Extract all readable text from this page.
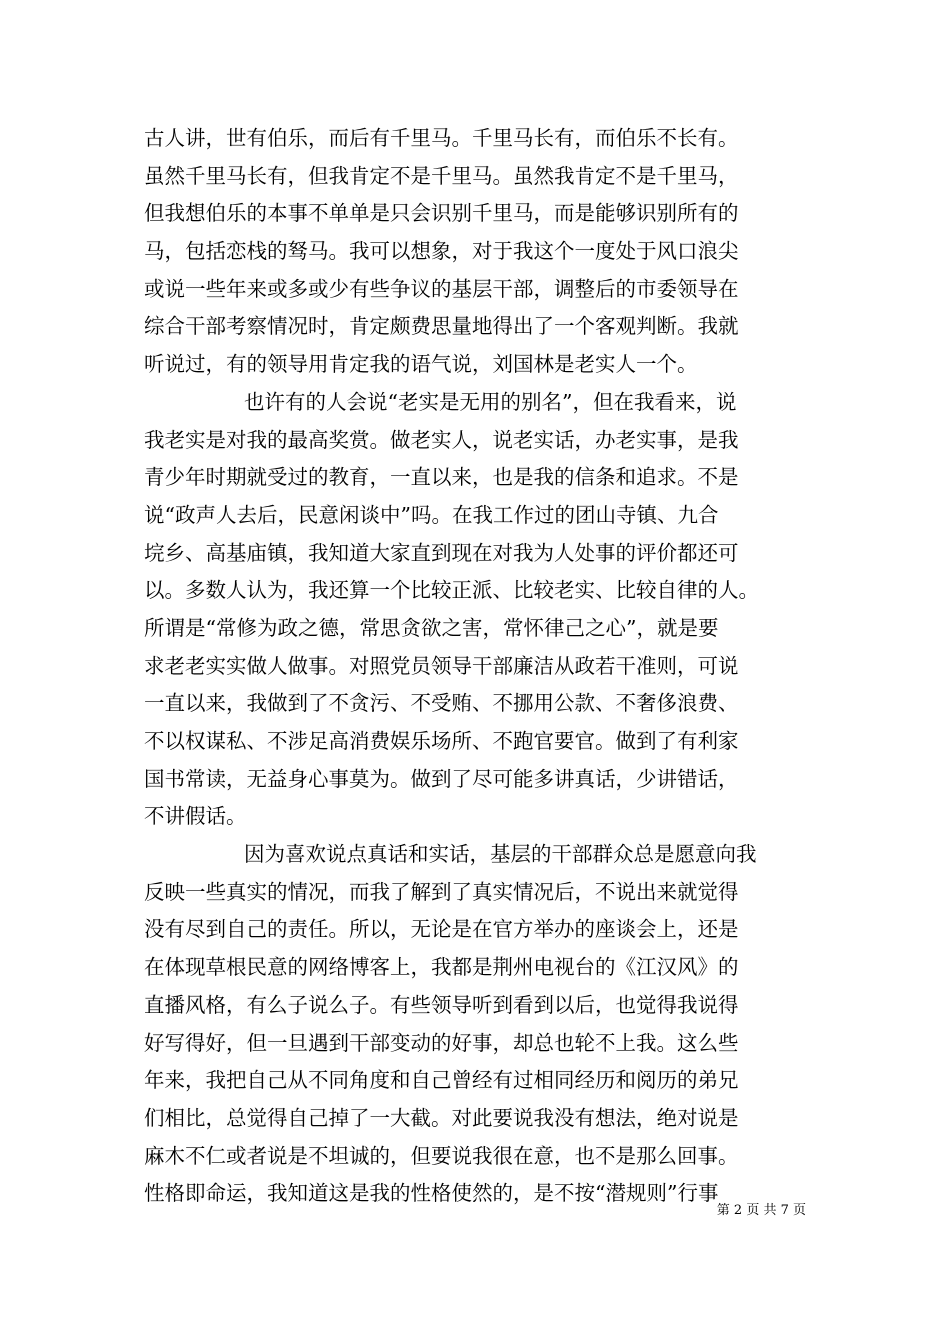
古人讲，世有伯乐，而后有千里马。千里马长有，而伯乐不长有。
虽然千里马长有，但我肯定不是千里马。虽然我肯定不是千里马，
但我想伯乐的本事不单单是只会识别千里马，而是能够识别所有的
马，包括恋栈的驽马。我可以想象，对于我这个一度处于风口浪尖
或说一些年来或多或少有些争议的基层干部，调整后的市委领导在
综合干部考察情况时，肯定颇费思量地得出了一个客观判断。我就
听说过，有的领导用肯定我的语气说，刘国林是老实人一个。
也许有的人会说“老实是无用的别名”，但在我看来，说
我老实是对我的最高奖赏。做老实人，说老实话，办老实事，是我
青少年时期就受过的教育，一直以来，也是我的信条和追求。不是
说“政声人去后，民意闲谈中”吗。在我工作过的团山寺镇、九合
垸乡、高基庙镇，我知道大家直到现在对我为人处事的评价都还可
以。多数人认为，我还算一个比较正派、比较老实、比较自律的人。
所谓是“常修为政之德，常思贪欲之害，常怀律己之心”，就是要
求老老实实做人做事。对照党员领导干部廉洁从政若干准则，可说
一直以来，我做到了不贪污、不受贿、不挪用公款、不奢侈浪费、
不以权谋私、不涉足高消费娱乐场所、不跑官要官。做到了有利家
国书常读，无益身心事莫为。做到了尽可能多讲真话，少讲错话，
不讲假话。
因为喜欢说点真话和实话，基层的干部群众总是愿意向我
反映一些真实的情况，而我了解到了真实情况后，不说出来就觉得
没有尽到自己的责任。所以，无论是在官方举办的座谈会上，还是
在体现草根民意的网络博客上，我都是荆州电视台的《江汉风》的
直播风格，有么子说么子。有些领导听到看到以后，也觉得我说得
好写得好，但一旦遇到干部变动的好事，却总也轮不上我。这么些
年来，我把自己从不同角度和自己曾经有过相同经历和阅历的弟兄
们相比，总觉得自己掉了一大截。对此要说我没有想法，绝对说是
麻木不仁或者说是不坦诚的，但要说我很在意，也不是那么回事。
性格即命运，我知道这是我的性格使然的，是不按“潜规则”行事
第 2 页 共 7 页
